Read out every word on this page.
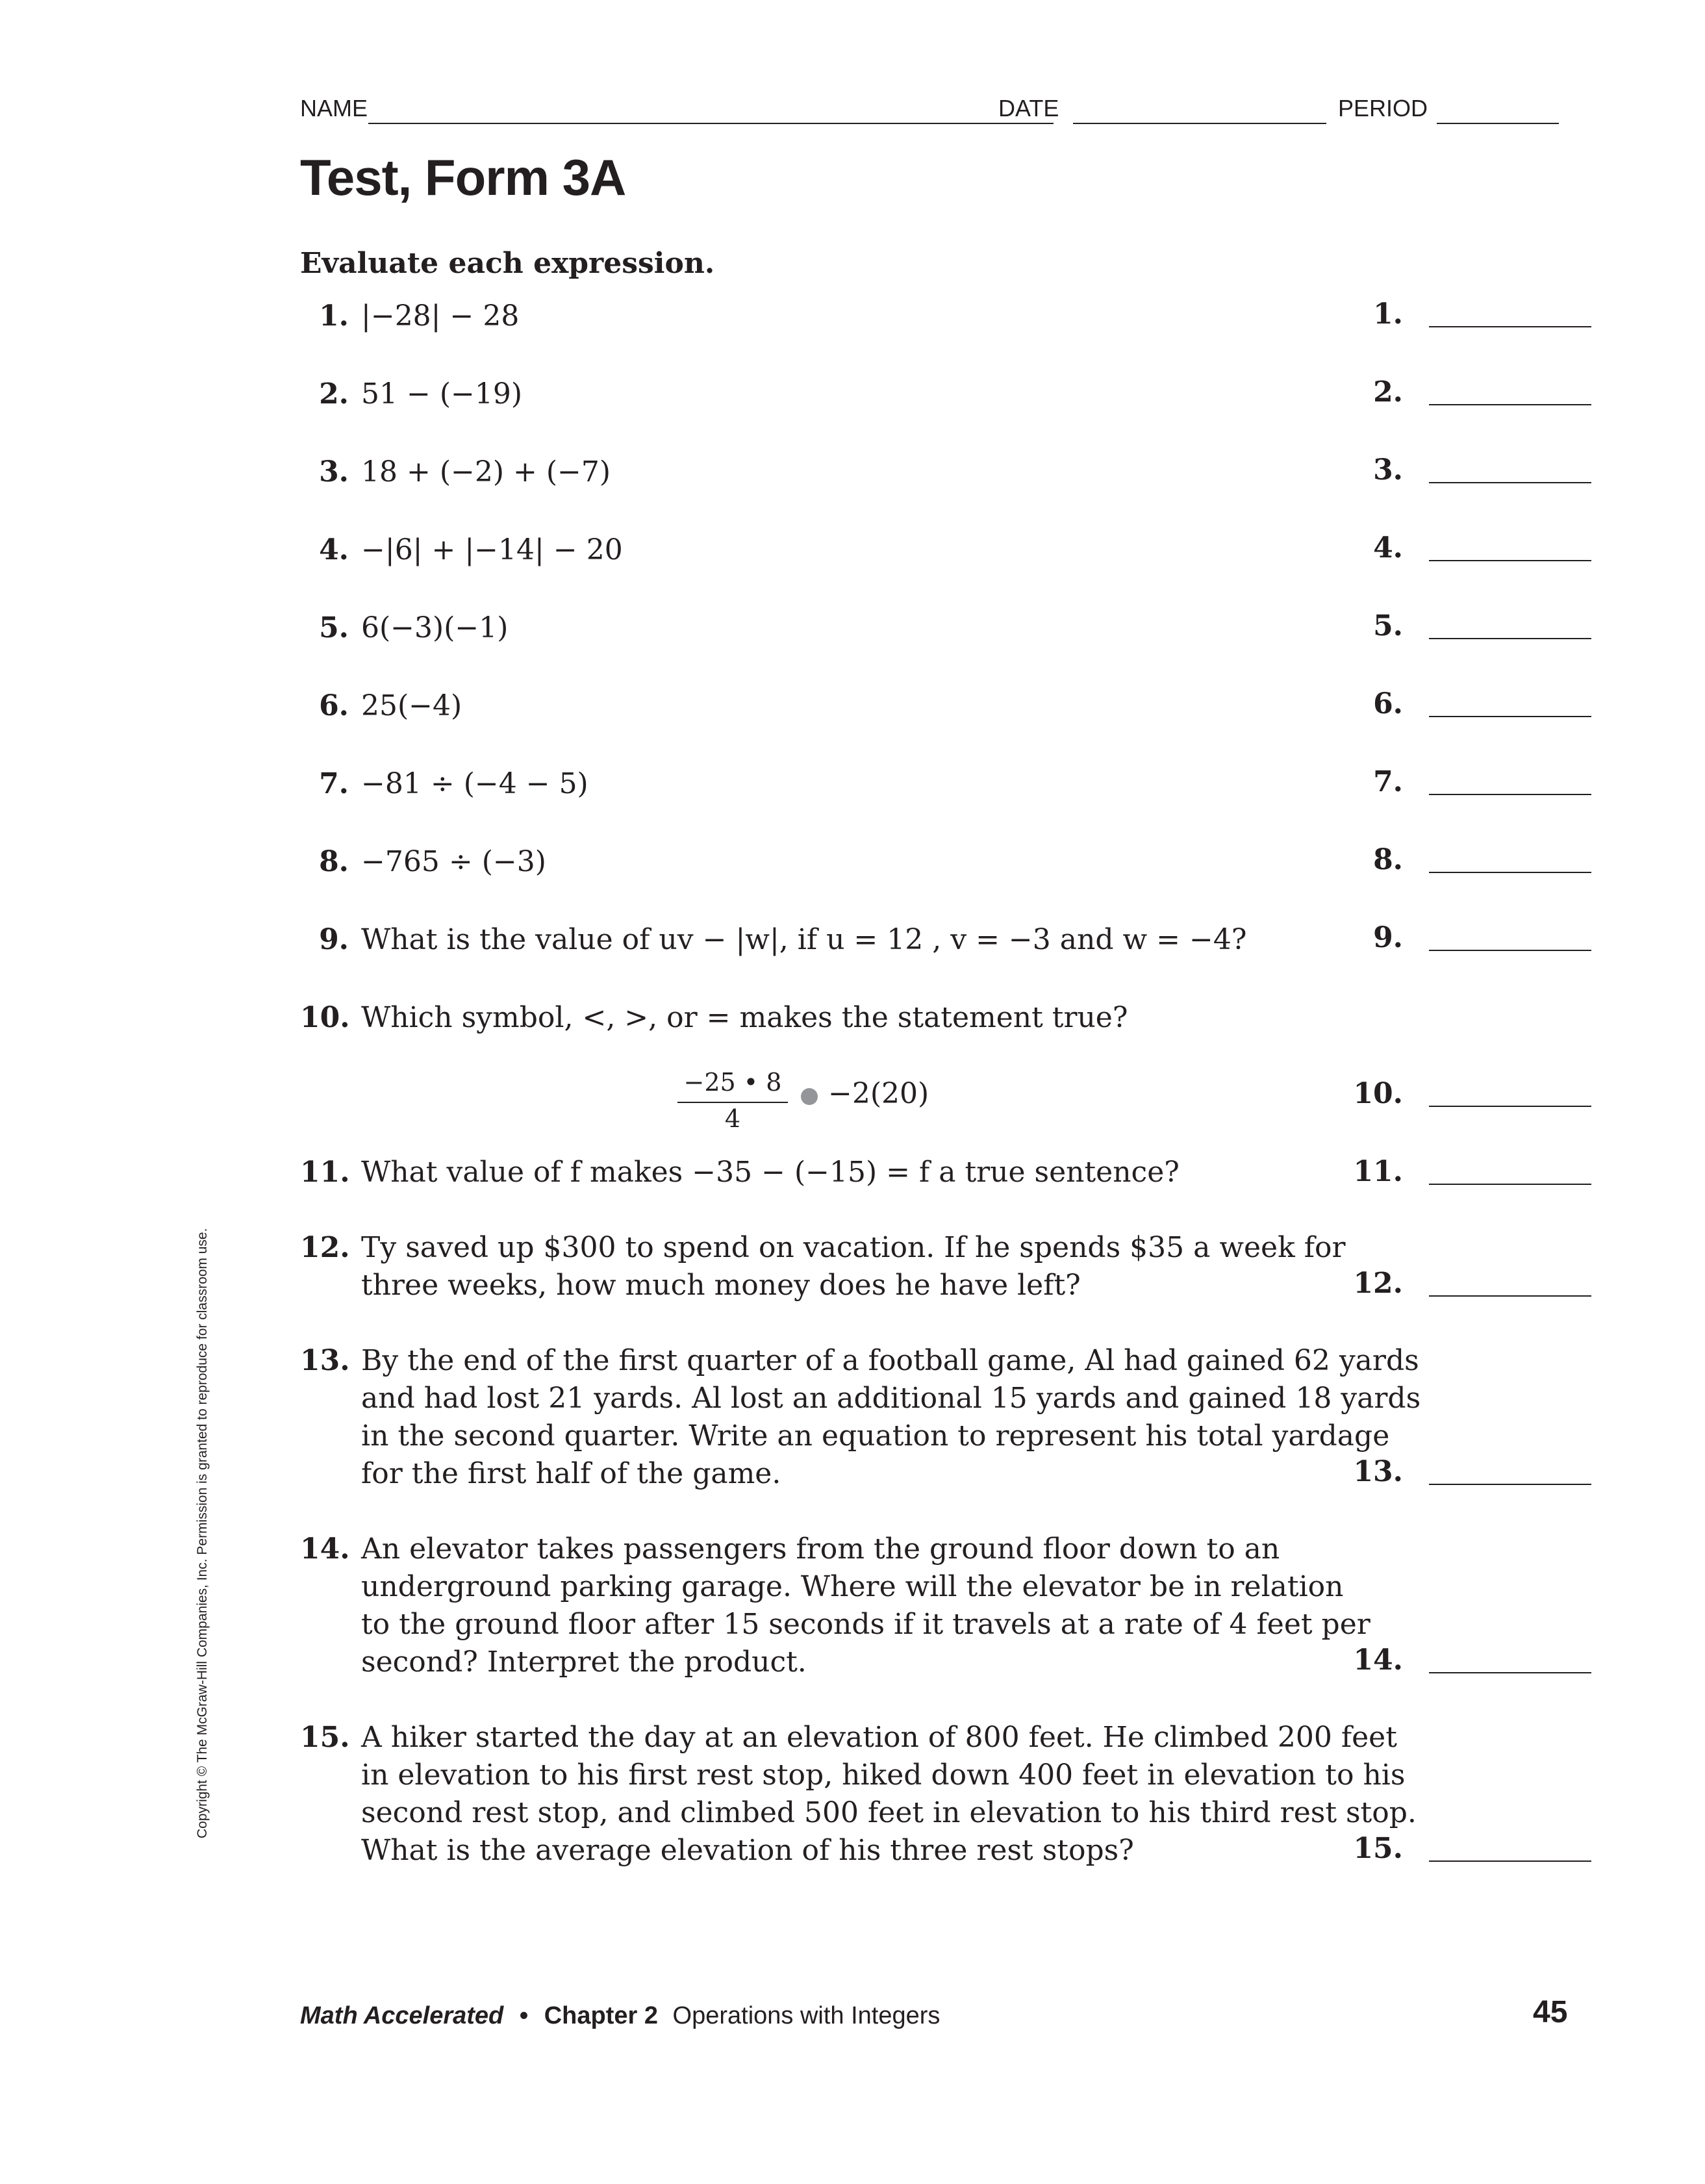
NAME	DATE	PERIOD
Test, Form 3A
Evaluate each expression.
1. |−28| − 28
2. 51 − (−19)
3. 18 + (−2) + (−7)
4. −|6| + |−14| − 20
5. 6(−3)(−1)
6. 25(−4)
7. −81 ÷ (−4 − 5)
8. −765 ÷ (−3)
9. What is the value of uv − |w|, if u = 12 , v = −3 and w = −4?
10. Which symbol, <, >, or = makes the statement true?
−25 • 8
4
−2(20)
11. What value of f makes −35 − (−15) = f a true sentence?
12. Ty saved up $300 to spend on vacation. If he spends $35 a week for
three weeks, how much money does he have left?
13. By the end of the first quarter of a football game, Al had gained 62 yards
and had lost 21 yards. Al lost an additional 15 yards and gained 18 yards
in the second quarter. Write an equation to represent his total yardage
for the first half of the game.
14. An elevator takes passengers from the ground floor down to an
underground parking garage. Where will the elevator be in relation
to the ground floor after 15 seconds if it travels at a rate of 4 feet per
second? Interpret the product.
15. A hiker started the day at an elevation of 800 feet. He climbed 200 feet
in elevation to his first rest stop, hiked down 400 feet in elevation to his
second rest stop, and climbed 500 feet in elevation to his third rest stop.
What is the average elevation of his three rest stops?
1.
2.
3.
4.
5.
6.
7.
8.
9.
10.
11.
12.
13.
14.
15.
Copyright © The McGraw-Hill Companies, Inc. Permission is granted to reproduce for classroom use.
Math Accelerated • Chapter 2 Operations with Integers	45
